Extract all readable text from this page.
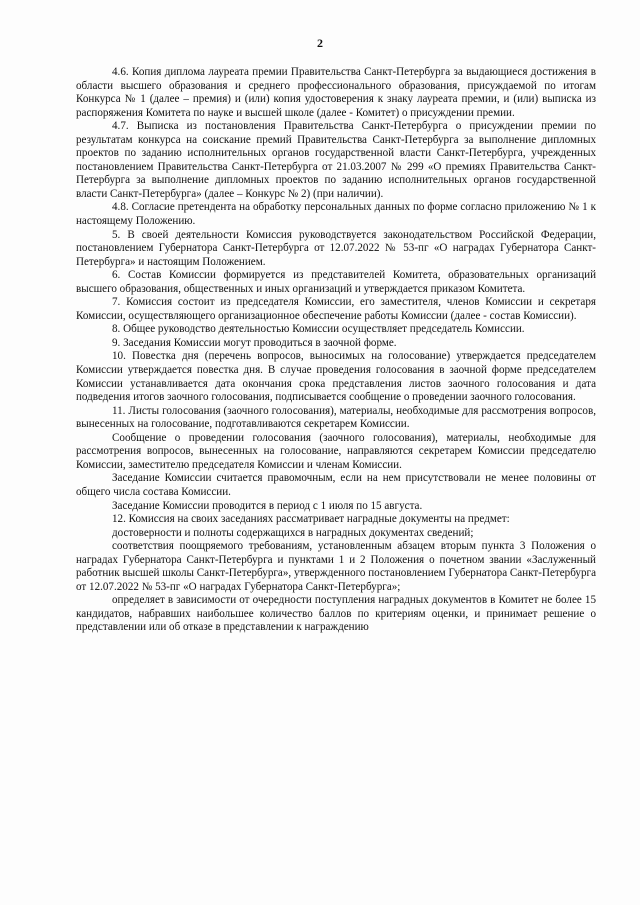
2

4.6. Копия диплома лауреата премии Правительства Санкт-Петербурга за выдающиеся достижения в области высшего образования и среднего профессионального образования, присуждаемой по итогам Конкурса № 1 (далее – премия) и (или) копия удостоверения к знаку лауреата премии, и (или) выписка из распоряжения Комитета по науке и высшей школе (далее - Комитет) о присуждении премии.

4.7. Выписка из постановления Правительства Санкт-Петербурга о присуждении премии по результатам конкурса на соискание премий Правительства Санкт-Петербурга за выполнение дипломных проектов по заданию исполнительных органов государственной власти Санкт-Петербурга, учрежденных постановлением Правительства Санкт-Петербурга от 21.03.2007 № 299 «О премиях Правительства Санкт-Петербурга за выполнение дипломных проектов по заданию исполнительных органов государственной власти Санкт-Петербурга» (далее – Конкурс № 2) (при наличии).

4.8. Согласие претендента на обработку персональных данных по форме согласно приложению № 1 к настоящему Положению.

5. В своей деятельности Комиссия руководствуется законодательством Российской Федерации, постановлением Губернатора Санкт-Петербурга от 12.07.2022 № 53-пг «О наградах Губернатора Санкт-Петербурга» и настоящим Положением.

6. Состав Комиссии формируется из представителей Комитета, образовательных организаций высшего образования, общественных и иных организаций и утверждается приказом Комитета.

7. Комиссия состоит из председателя Комиссии, его заместителя, членов Комиссии и секретаря Комиссии, осуществляющего организационное обеспечение работы Комиссии (далее - состав Комиссии).

8. Общее руководство деятельностью Комиссии осуществляет председатель Комиссии.

9. Заседания Комиссии могут проводиться в заочной форме.

10. Повестка дня (перечень вопросов, выносимых на голосование) утверждается председателем Комиссии утверждается повестка дня. В случае проведения голосования в заочной форме председателем Комиссии устанавливается дата окончания срока представления листов заочного голосования и дата подведения итогов заочного голосования, подписывается сообщение о проведении заочного голосования.

11. Листы голосования (заочного голосования), материалы, необходимые для рассмотрения вопросов, вынесенных на голосование, подготавливаются секретарем Комиссии.

Сообщение о проведении голосования (заочного голосования), материалы, необходимые для рассмотрения вопросов, вынесенных на голосование, направляются секретарем Комиссии председателю Комиссии, заместителю председателя Комиссии и членам Комиссии.

Заседание Комиссии считается правомочным, если на нем присутствовали не менее половины от общего числа состава Комиссии.

Заседание Комиссии проводится в период с 1 июля по 15 августа.

12. Комиссия на своих заседаниях рассматривает наградные документы на предмет:

достоверности и полноты содержащихся в наградных документах сведений;

соответствия поощряемого требованиям, установленным абзацем вторым пункта 3 Положения о наградах Губернатора Санкт-Петербурга и пунктами 1 и 2 Положения о почетном звании «Заслуженный работник высшей школы Санкт-Петербурга», утвержденного постановлением Губернатора Санкт-Петербурга от 12.07.2022 № 53-пг «О наградах Губернатора Санкт-Петербурга»;

определяет в зависимости от очередности поступления наградных документов в Комитет не более 15 кандидатов, набравших наибольшее количество баллов по критериям оценки, и принимает решение о представлении или об отказе в представлении к награждению
